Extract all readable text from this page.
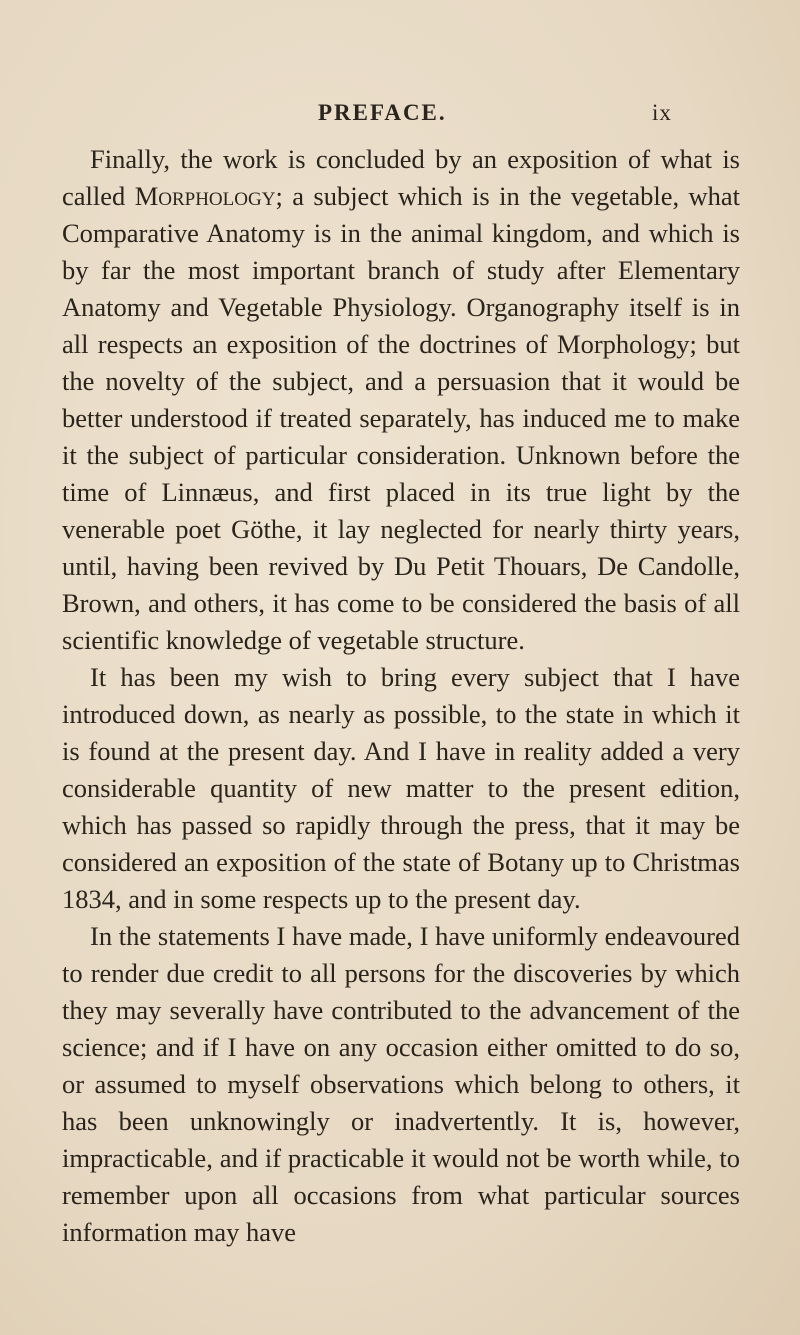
PREFACE.	ix

Finally, the work is concluded by an exposition of what is called Morphology; a subject which is in the vegetable, what Comparative Anatomy is in the animal kingdom, and which is by far the most important branch of study after Elementary Anatomy and Vegetable Physiology. Organography itself is in all respects an exposition of the doctrines of Morphology; but the novelty of the subject, and a persuasion that it would be better understood if treated separately, has induced me to make it the subject of particular consideration. Unknown before the time of Linnæus, and first placed in its true light by the venerable poet Göthe, it lay neglected for nearly thirty years, until, having been revived by Du Petit Thouars, De Candolle, Brown, and others, it has come to be considered the basis of all scientific knowledge of vegetable structure.

It has been my wish to bring every subject that I have introduced down, as nearly as possible, to the state in which it is found at the present day. And I have in reality added a very considerable quantity of new matter to the present edition, which has passed so rapidly through the press, that it may be considered an exposition of the state of Botany up to Christmas 1834, and in some respects up to the present day.

In the statements I have made, I have uniformly endeavoured to render due credit to all persons for the discoveries by which they may severally have contributed to the advancement of the science; and if I have on any occasion either omitted to do so, or assumed to myself observations which belong to others, it has been unknowingly or inadvertently. It is, however, impracticable, and if practicable it would not be worth while, to remember upon all occasions from what particular sources information may have
